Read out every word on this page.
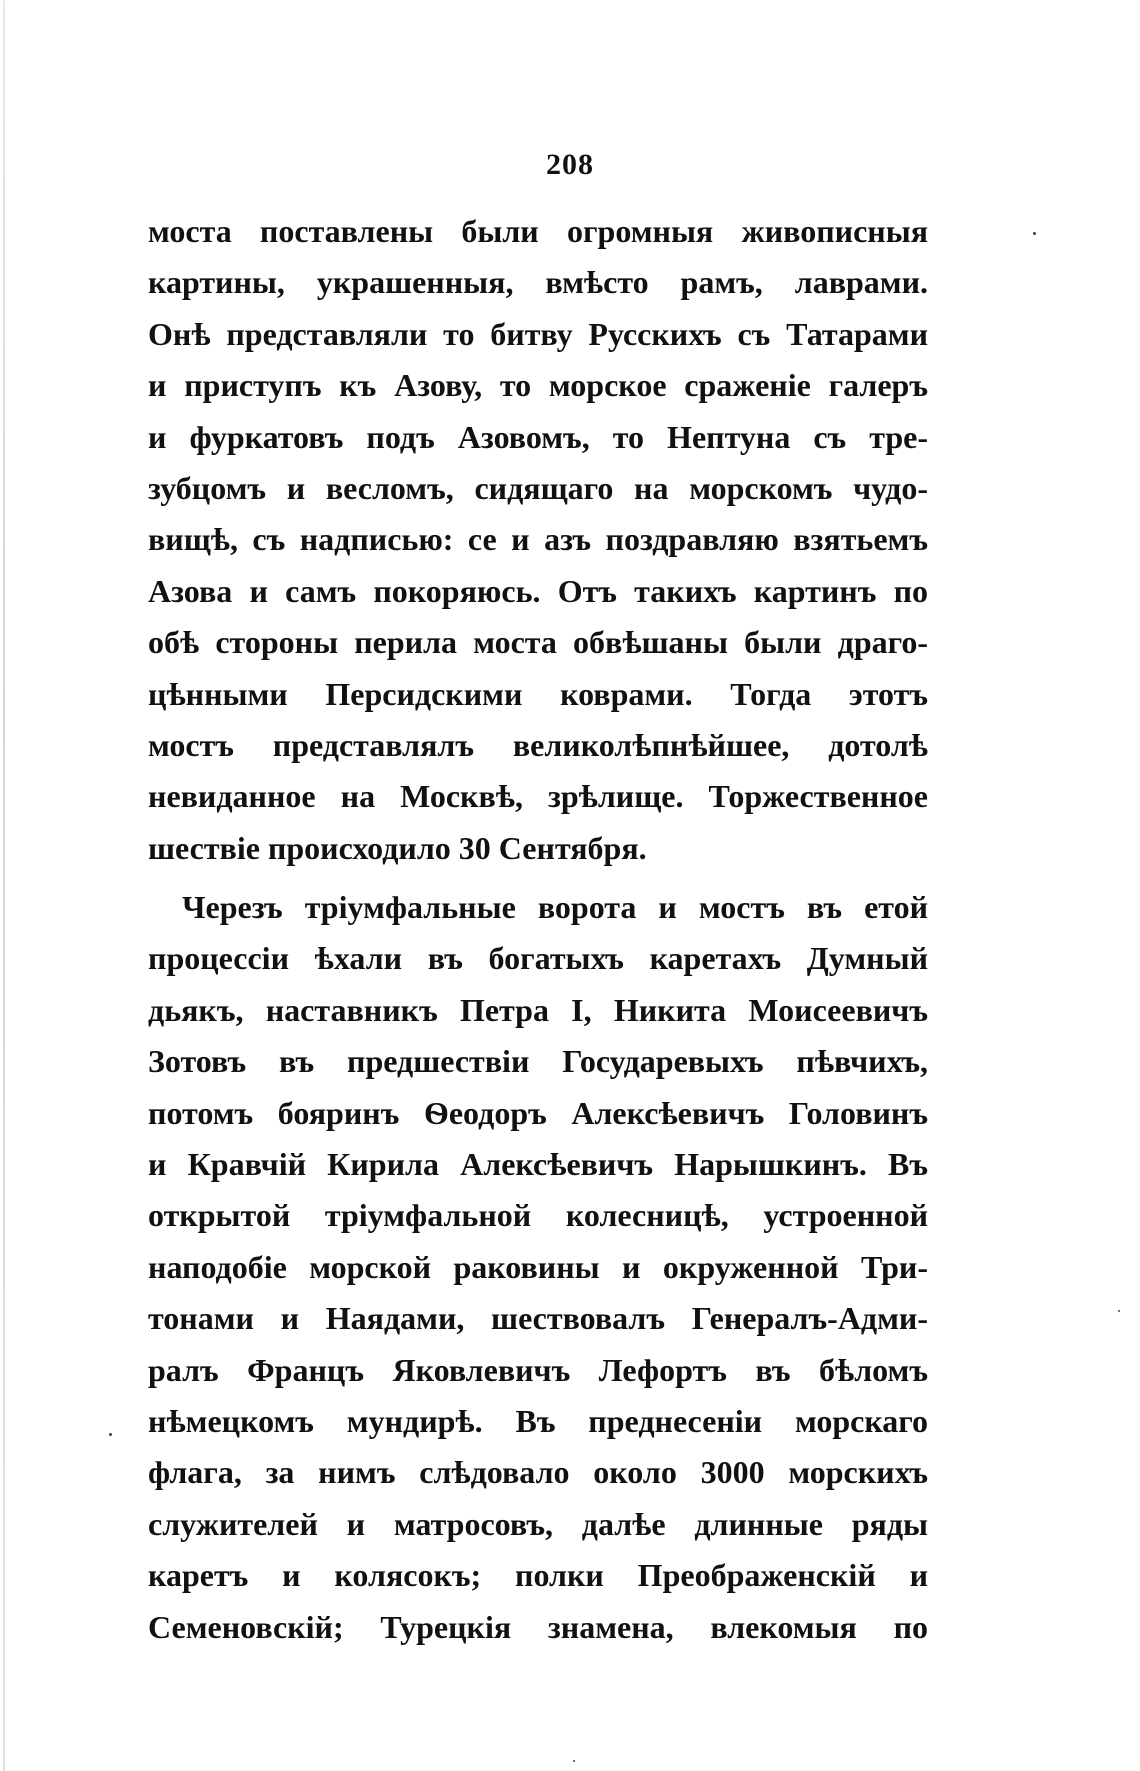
208
моста поставлены были огромныя живописныя
картины, украшенныя, вмѣсто рамъ, лаврами.
Онѣ представляли то битву Русскихъ съ Татарами
и приступъ къ Азову, то морское сраженіе галеръ
и фуркатовъ подъ Азовомъ, то Нептуна съ тре-
зубцомъ и весломъ, сидящаго на морскомъ чудо-
вищѣ, съ надписью: се и азъ поздравляю взятьемъ
Азова и самъ покоряюсь. Отъ такихъ картинъ по
обѣ стороны перила моста обвѣшаны были драго-
цѣнными Персидскими коврами. Тогда этотъ
мостъ представлялъ великолѣпнѣйшее, дотолѣ
невиданное на Москвѣ, зрѣлище. Торжественное
шествіе происходило 30 Сентября.
Черезъ тріумфальные ворота и мостъ въ етой
процессіи ѣхали въ богатыхъ каретахъ Думный
дьякъ, наставникъ Петра I, Никита Моисеевичъ
Зотовъ въ предшествіи Государевыхъ пѣвчихъ,
потомъ бояринъ Ѳеодоръ Алексѣевичъ Головинъ
и Кравчій Кирила Алексѣевичъ Нарышкинъ. Въ
открытой тріумфальной колесницѣ, устроенной
наподобіе морской раковины и окруженной Три-
тонами и Наядами, шествовалъ Генералъ-Адми-
ралъ Францъ Яковлевичъ Лефортъ въ бѣломъ
нѣмецкомъ мундирѣ. Въ преднесеніи морскаго
флага, за нимъ слѣдовало около 3000 морскихъ
служителей и матросовъ, далѣе длинные ряды
каретъ и колясокъ; полки Преображенскій и
Семеновскій; Турецкія знамена, влекомыя по
